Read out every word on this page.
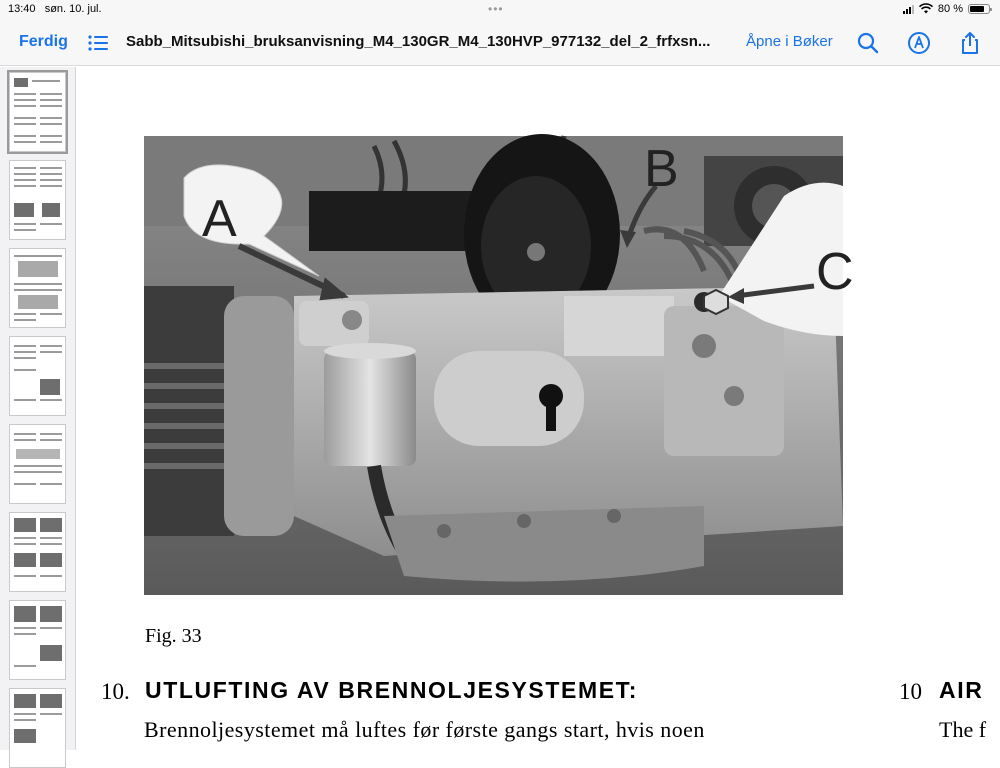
13:40 søn. 10. jul.	•••	80 %
Ferdig	Sabb_Mitsubishi_bruksanvisning_M4_130GR_M4_130HVP_977132_del_2_frfxsn...	Åpne i Bøker
A
B
C
Fig. 33
10. UTLUFTING AV BRENNOLJESYSTEMET:
Brennoljesystemet må luftes før første gangs start, hvis noen
10 AIR
The f
